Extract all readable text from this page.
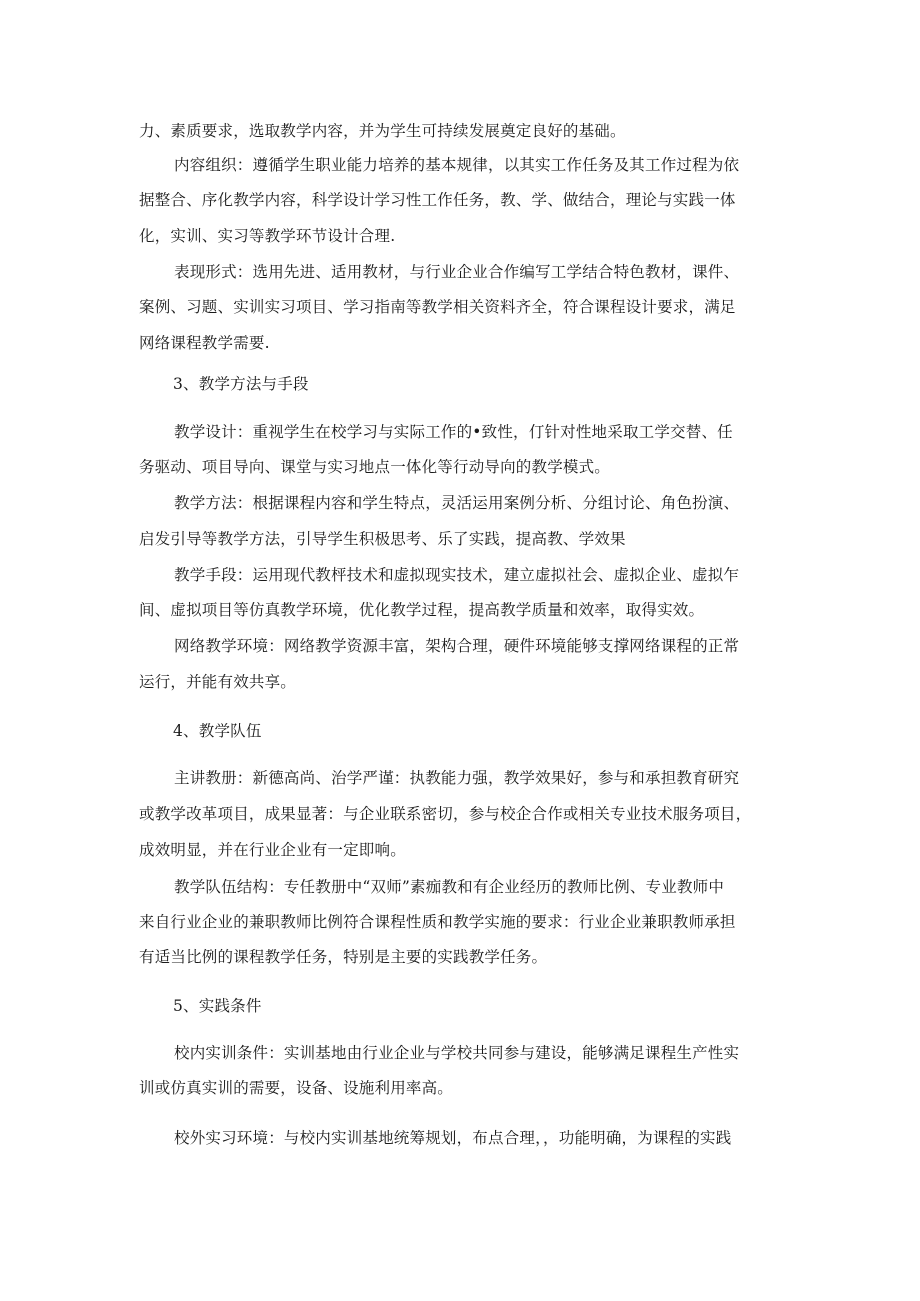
力、素质要求，选取教学内容，并为学生可持续发展奠定良好的基础。
内容组织：遵循学生职业能力培养的基本规律，以其实工作任务及其工作过程为依
据整合、序化教学内容，科学设计学习性工作任务，教、学、做结合，理论与实践一体
化，实训、实习等教学环节设计合理.
表现形式：选用先进、适用教材，与行业企业合作编写工学结合特色教材，课件、
案例、习题、实训实习项目、学习指南等教学相关资料齐全，符合课程设计要求，满足
网络课程教学需要.
3、教学方法与手段
教学设计：重视学生在校学习与实际工作的•致性，仃针对性地采取工学交替、任
务驱动、项目导向、课堂与实习地点一体化等行动导向的教学模式。
教学方法：根据课程内容和学生特点，灵活运用案例分析、分组讨论、角色扮演、
启发引导等教学方法，引导学生积极思考、乐了实践，提高教、学效果
教学手段：运用现代教枰技术和虚拟现实技术，建立虚拟社会、虚拟企业、虚拟乍
间、虚拟项目等仿真教学环境，优化教学过程，提高教学质量和效率，取得实效。
网络教学环境：网络教学资源丰富，架构合理，硬件环境能够支撑网络课程的正常
运行，并能有效共享。
4、教学队伍
主讲教册：新德高尚、治学严谨：执教能力强，教学效果好，参与和承担教育研究
或教学改革项目，成果显著：与企业联系密切，参与校企合作或相关专业技术服务项目，
成效明显，并在行业企业有一定即响。
教学队伍结构：专任教册中“双师”素痂教和有企业经历的教师比例、专业教师中
来自行业企业的兼职教师比例符合课程性质和教学实施的要求：行业企业兼职教师承担
有适当比例的课程教学任务，特别是主要的实践教学任务。
5、实践条件
校内实训条件：实训基地由行业企业与学校共同参与建设，能够满足课程生产性实
训或仿真实训的需要，设备、设施利用率高。
校外实习环境：与校内实训基地统筹规划，布点合理，，功能明确，为课程的实践
